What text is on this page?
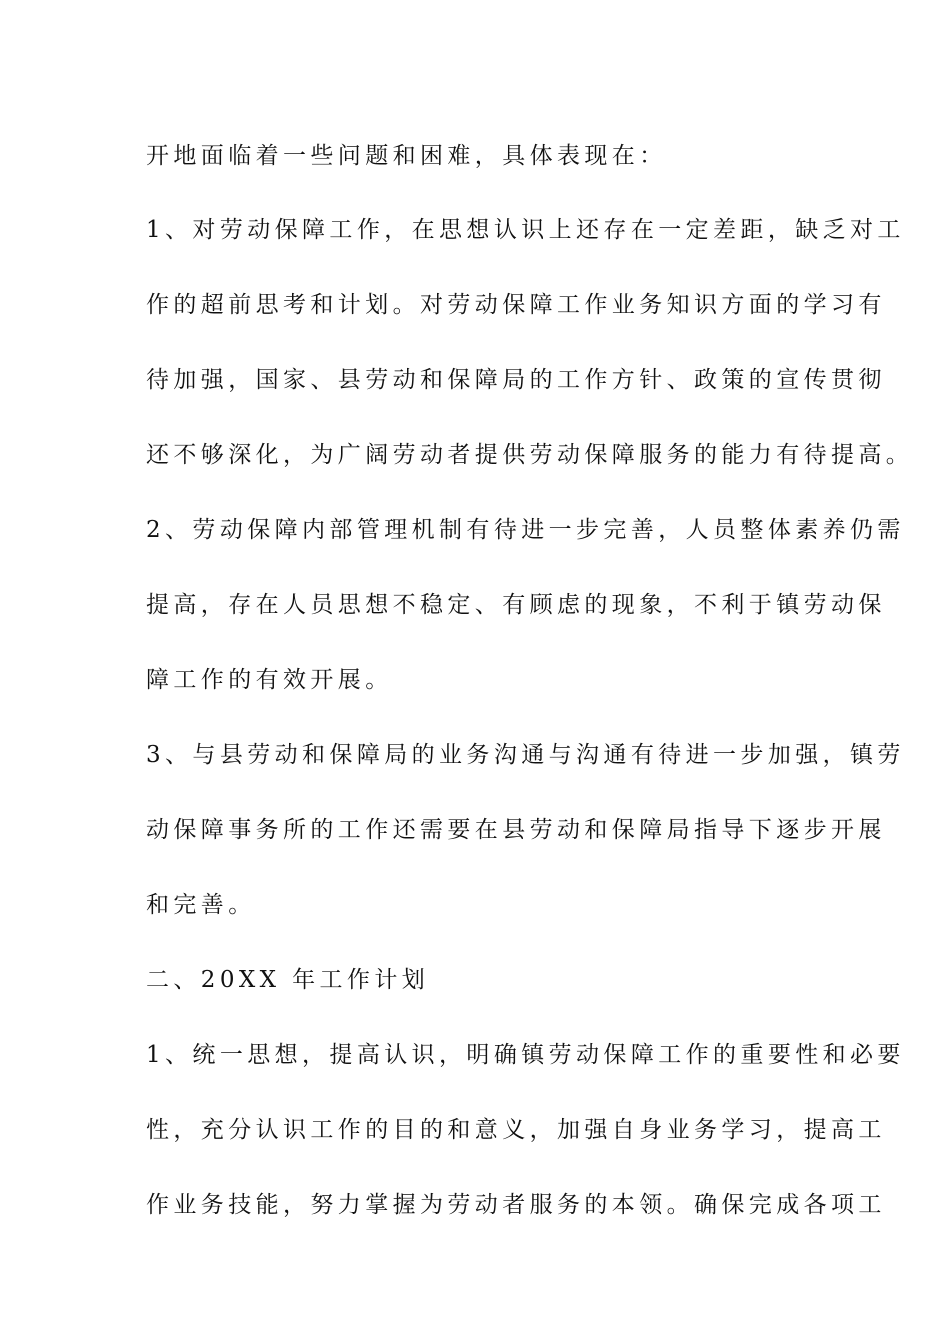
开地面临着一些问题和困难，具体表现在：
1、对劳动保障工作，在思想认识上还存在一定差距，缺乏对工
作的超前思考和计划。对劳动保障工作业务知识方面的学习有
待加强，国家、县劳动和保障局的工作方针、政策的宣传贯彻
还不够深化，为广阔劳动者提供劳动保障服务的能力有待提高。
2、劳动保障内部管理机制有待进一步完善，人员整体素养仍需
提高，存在人员思想不稳定、有顾虑的现象，不利于镇劳动保
障工作的有效开展。
3、与县劳动和保障局的业务沟通与沟通有待进一步加强，镇劳
动保障事务所的工作还需要在县劳动和保障局指导下逐步开展
和完善。
二、20XX 年工作计划
1、统一思想，提高认识，明确镇劳动保障工作的重要性和必要
性，充分认识工作的目的和意义，加强自身业务学习，提高工
作业务技能，努力掌握为劳动者服务的本领。确保完成各项工
